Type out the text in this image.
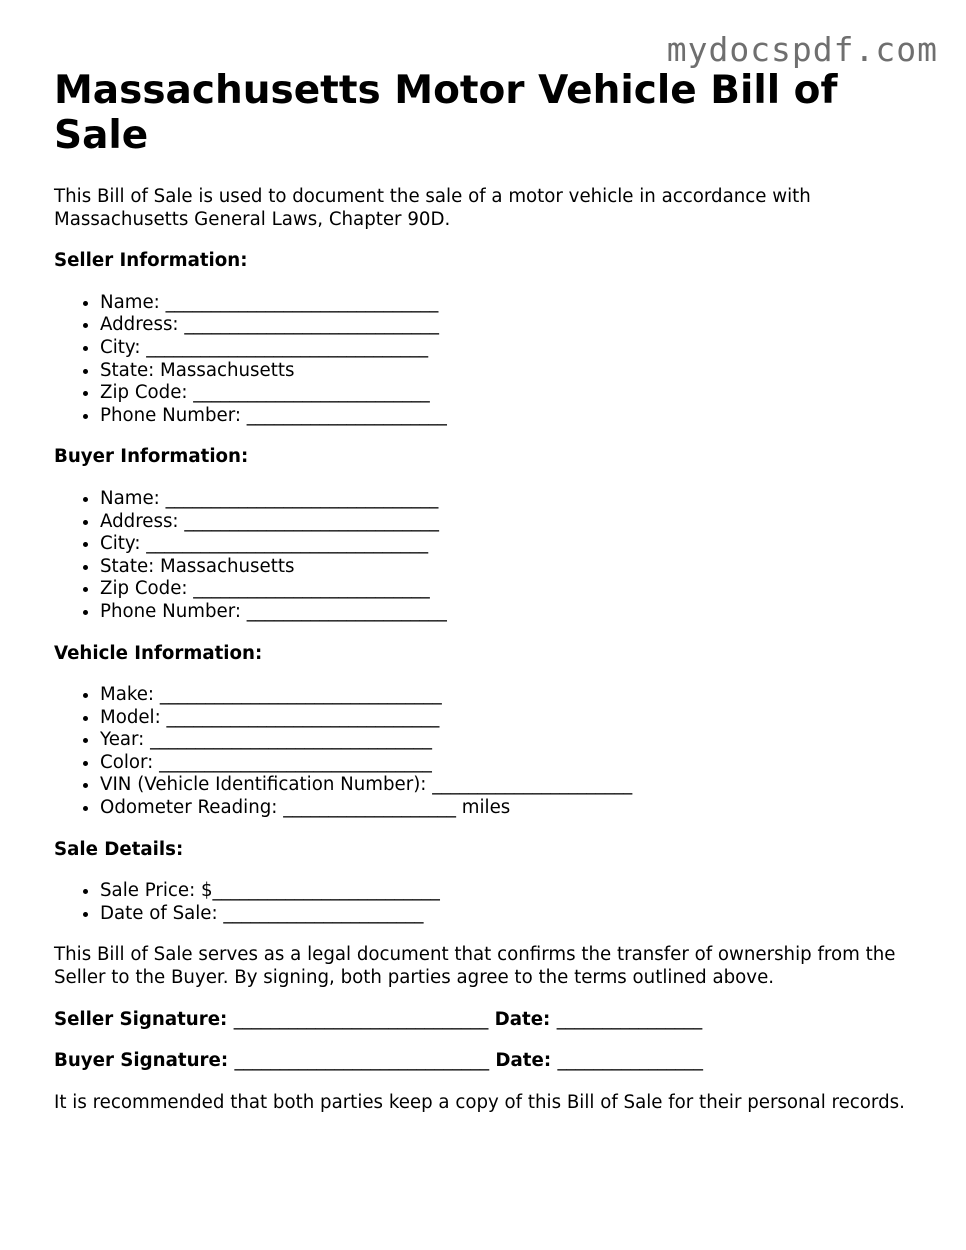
mydocspdf.com
Massachusetts Motor Vehicle Bill of Sale

This Bill of Sale is used to document the sale of a motor vehicle in accordance with Massachusetts General Laws, Chapter 90D.

Seller Information:

• Name: ______________________________
• Address: ____________________________
• City: _______________________________
• State: Massachusetts
• Zip Code: __________________________
• Phone Number: ______________________

Buyer Information:

• Name: ______________________________
• Address: ____________________________
• City: _______________________________
• State: Massachusetts
• Zip Code: __________________________
• Phone Number: ______________________

Vehicle Information:

• Make: _______________________________
• Model: ______________________________
• Year: _______________________________
• Color: ______________________________
• VIN (Vehicle Identification Number): ______________________
• Odometer Reading: ___________________ miles

Sale Details:

• Sale Price: $_________________________
• Date of Sale: ______________________

This Bill of Sale serves as a legal document that confirms the transfer of ownership from the Seller to the Buyer. By signing, both parties agree to the terms outlined above.

Seller Signature: ____________________________ Date: ________________

Buyer Signature: ____________________________ Date: ________________

It is recommended that both parties keep a copy of this Bill of Sale for their personal records.
